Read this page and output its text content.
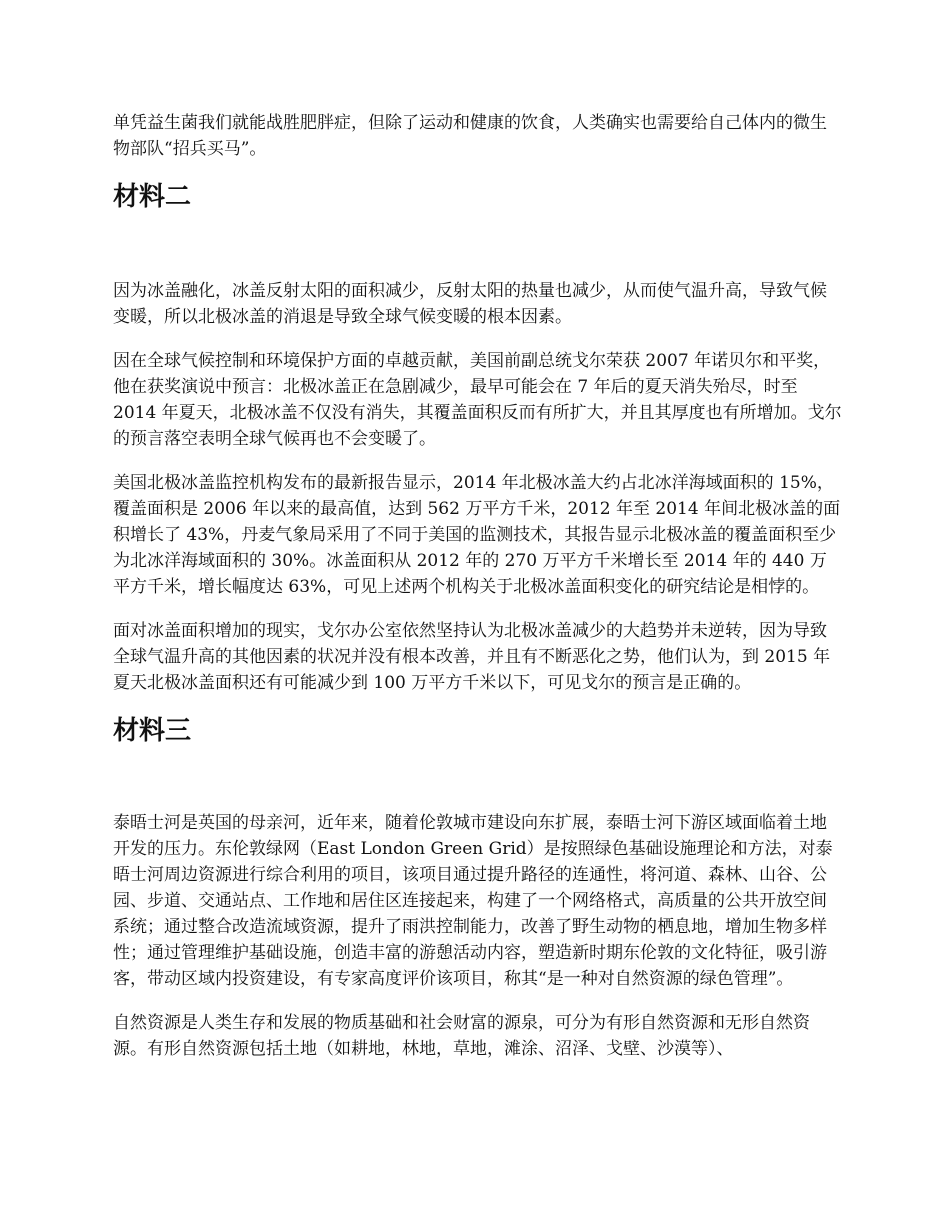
单凭益生菌我们就能战胜肥胖症，但除了运动和健康的饮食，人类确实也需要给自己体内的微生物部队“招兵买马”。

材料二

因为冰盖融化，冰盖反射太阳的面积减少，反射太阳的热量也减少，从而使气温升高，导致气候变暖，所以北极冰盖的消退是导致全球气候变暖的根本因素。

因在全球气候控制和环境保护方面的卓越贡献，美国前副总统戈尔荣获 2007 年诺贝尔和平奖，他在获奖演说中预言：北极冰盖正在急剧减少，最早可能会在 7 年后的夏天消失殆尽，时至 2014 年夏天，北极冰盖不仅没有消失，其覆盖面积反而有所扩大，并且其厚度也有所增加。戈尔的预言落空表明全球气候再也不会变暖了。

美国北极冰盖监控机构发布的最新报告显示，2014 年北极冰盖大约占北冰洋海域面积的 15%，覆盖面积是 2006 年以来的最高值，达到 562 万平方千米，2012 年至 2014 年间北极冰盖的面积增长了 43%，丹麦气象局采用了不同于美国的监测技术，其报告显示北极冰盖的覆盖面积至少为北冰洋海域面积的 30%。冰盖面积从 2012 年的 270 万平方千米增长至 2014 年的 440 万平方千米，增长幅度达 63%，可见上述两个机构关于北极冰盖面积变化的研究结论是相悖的。

面对冰盖面积增加的现实，戈尔办公室依然坚持认为北极冰盖减少的大趋势并未逆转，因为导致全球气温升高的其他因素的状况并没有根本改善，并且有不断恶化之势，他们认为，到 2015 年夏天北极冰盖面积还有可能减少到 100 万平方千米以下，可见戈尔的预言是正确的。

材料三

泰晤士河是英国的母亲河，近年来，随着伦敦城市建设向东扩展，泰晤士河下游区域面临着土地开发的压力。东伦敦绿网（East London Green Grid）是按照绿色基础设施理论和方法，对泰晤士河周边资源进行综合利用的项目，该项目通过提升路径的连通性，将河道、森林、山谷、公园、步道、交通站点、工作地和居住区连接起来，构建了一个网络格式，高质量的公共开放空间系统；通过整合改造流域资源，提升了雨洪控制能力，改善了野生动物的栖息地，增加生物多样性；通过管理维护基础设施，创造丰富的游憩活动内容，塑造新时期东伦敦的文化特征，吸引游客，带动区域内投资建设，有专家高度评价该项目，称其“是一种对自然资源的绿色管理”。

自然资源是人类生存和发展的物质基础和社会财富的源泉，可分为有形自然资源和无形自然资源。有形自然资源包括土地（如耕地，林地，草地，滩涂、沼泽、戈壁、沙漠等）、
